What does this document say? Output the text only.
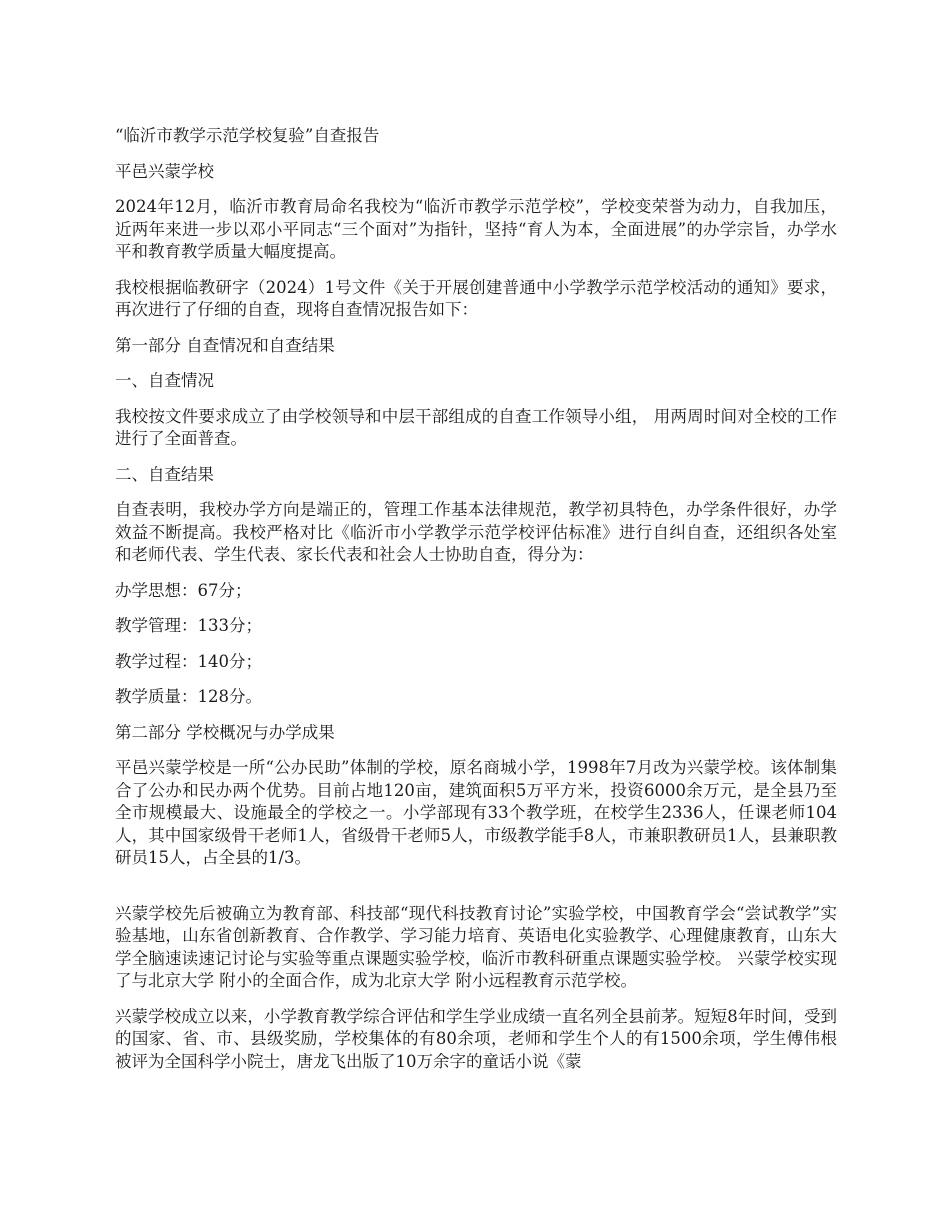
“临沂市教学示范学校复验”自查报告

平邑兴蒙学校

2024年12月，临沂市教育局命名我校为“临沂市教学示范学校”，学校变荣誉为动力，自我加压，近两年来进一步以邓小平同志“三个面对”为指针，坚持“育人为本，全面进展”的办学宗旨，办学水平和教育教学质量大幅度提高。

我校根据临教研字（2024）1号文件《关于开展创建普通中小学教学示范学校活动的通知》要求，再次进行了仔细的自查，现将自查情况报告如下：

第一部分 自查情况和自查结果

一、自查情况

我校按文件要求成立了由学校领导和中层干部组成的自查工作领导小组， 用两周时间对全校的工作进行了全面普查。

二、自查结果

自查表明，我校办学方向是端正的，管理工作基本法律规范，教学初具特色，办学条件很好，办学效益不断提高。我校严格对比《临沂市小学教学示范学校评估标准》进行自纠自查，还组织各处室和老师代表、学生代表、家长代表和社会人士协助自查，得分为：

办学思想：67分；

教学管理：133分；

教学过程：140分；

教学质量：128分。

第二部分 学校概况与办学成果

平邑兴蒙学校是一所“公办民助”体制的学校，原名商城小学，1998年7月改为兴蒙学校。该体制集合了公办和民办两个优势。目前占地120亩，建筑面积5万平方米，投资6000余万元，是全县乃至全市规模最大、设施最全的学校之一。小学部现有33个教学班，在校学生2336人，任课老师104人，其中国家级骨干老师1人，省级骨干老师5人，市级教学能手8人，市兼职教研员1人，县兼职教研员15人，占全县的1/3。

兴蒙学校先后被确立为教育部、科技部“现代科技教育讨论”实验学校，中国教育学会“尝试教学”实验基地，山东省创新教育、合作教学、学习能力培育、英语电化实验教学、心理健康教育，山东大学全脑速读速记讨论与实验等重点课题实验学校，临沂市教科研重点课题实验学校。 兴蒙学校实现了与北京大学 附小的全面合作，成为北京大学 附小远程教育示范学校。

兴蒙学校成立以来，小学教育教学综合评估和学生学业成绩一直名列全县前茅。短短8年时间，受到的国家、省、市、县级奖励，学校集体的有80余项，老师和学生个人的有1500余项，学生傅伟根被评为全国科学小院士，唐龙飞出版了10万余字的童话小说《蒙
